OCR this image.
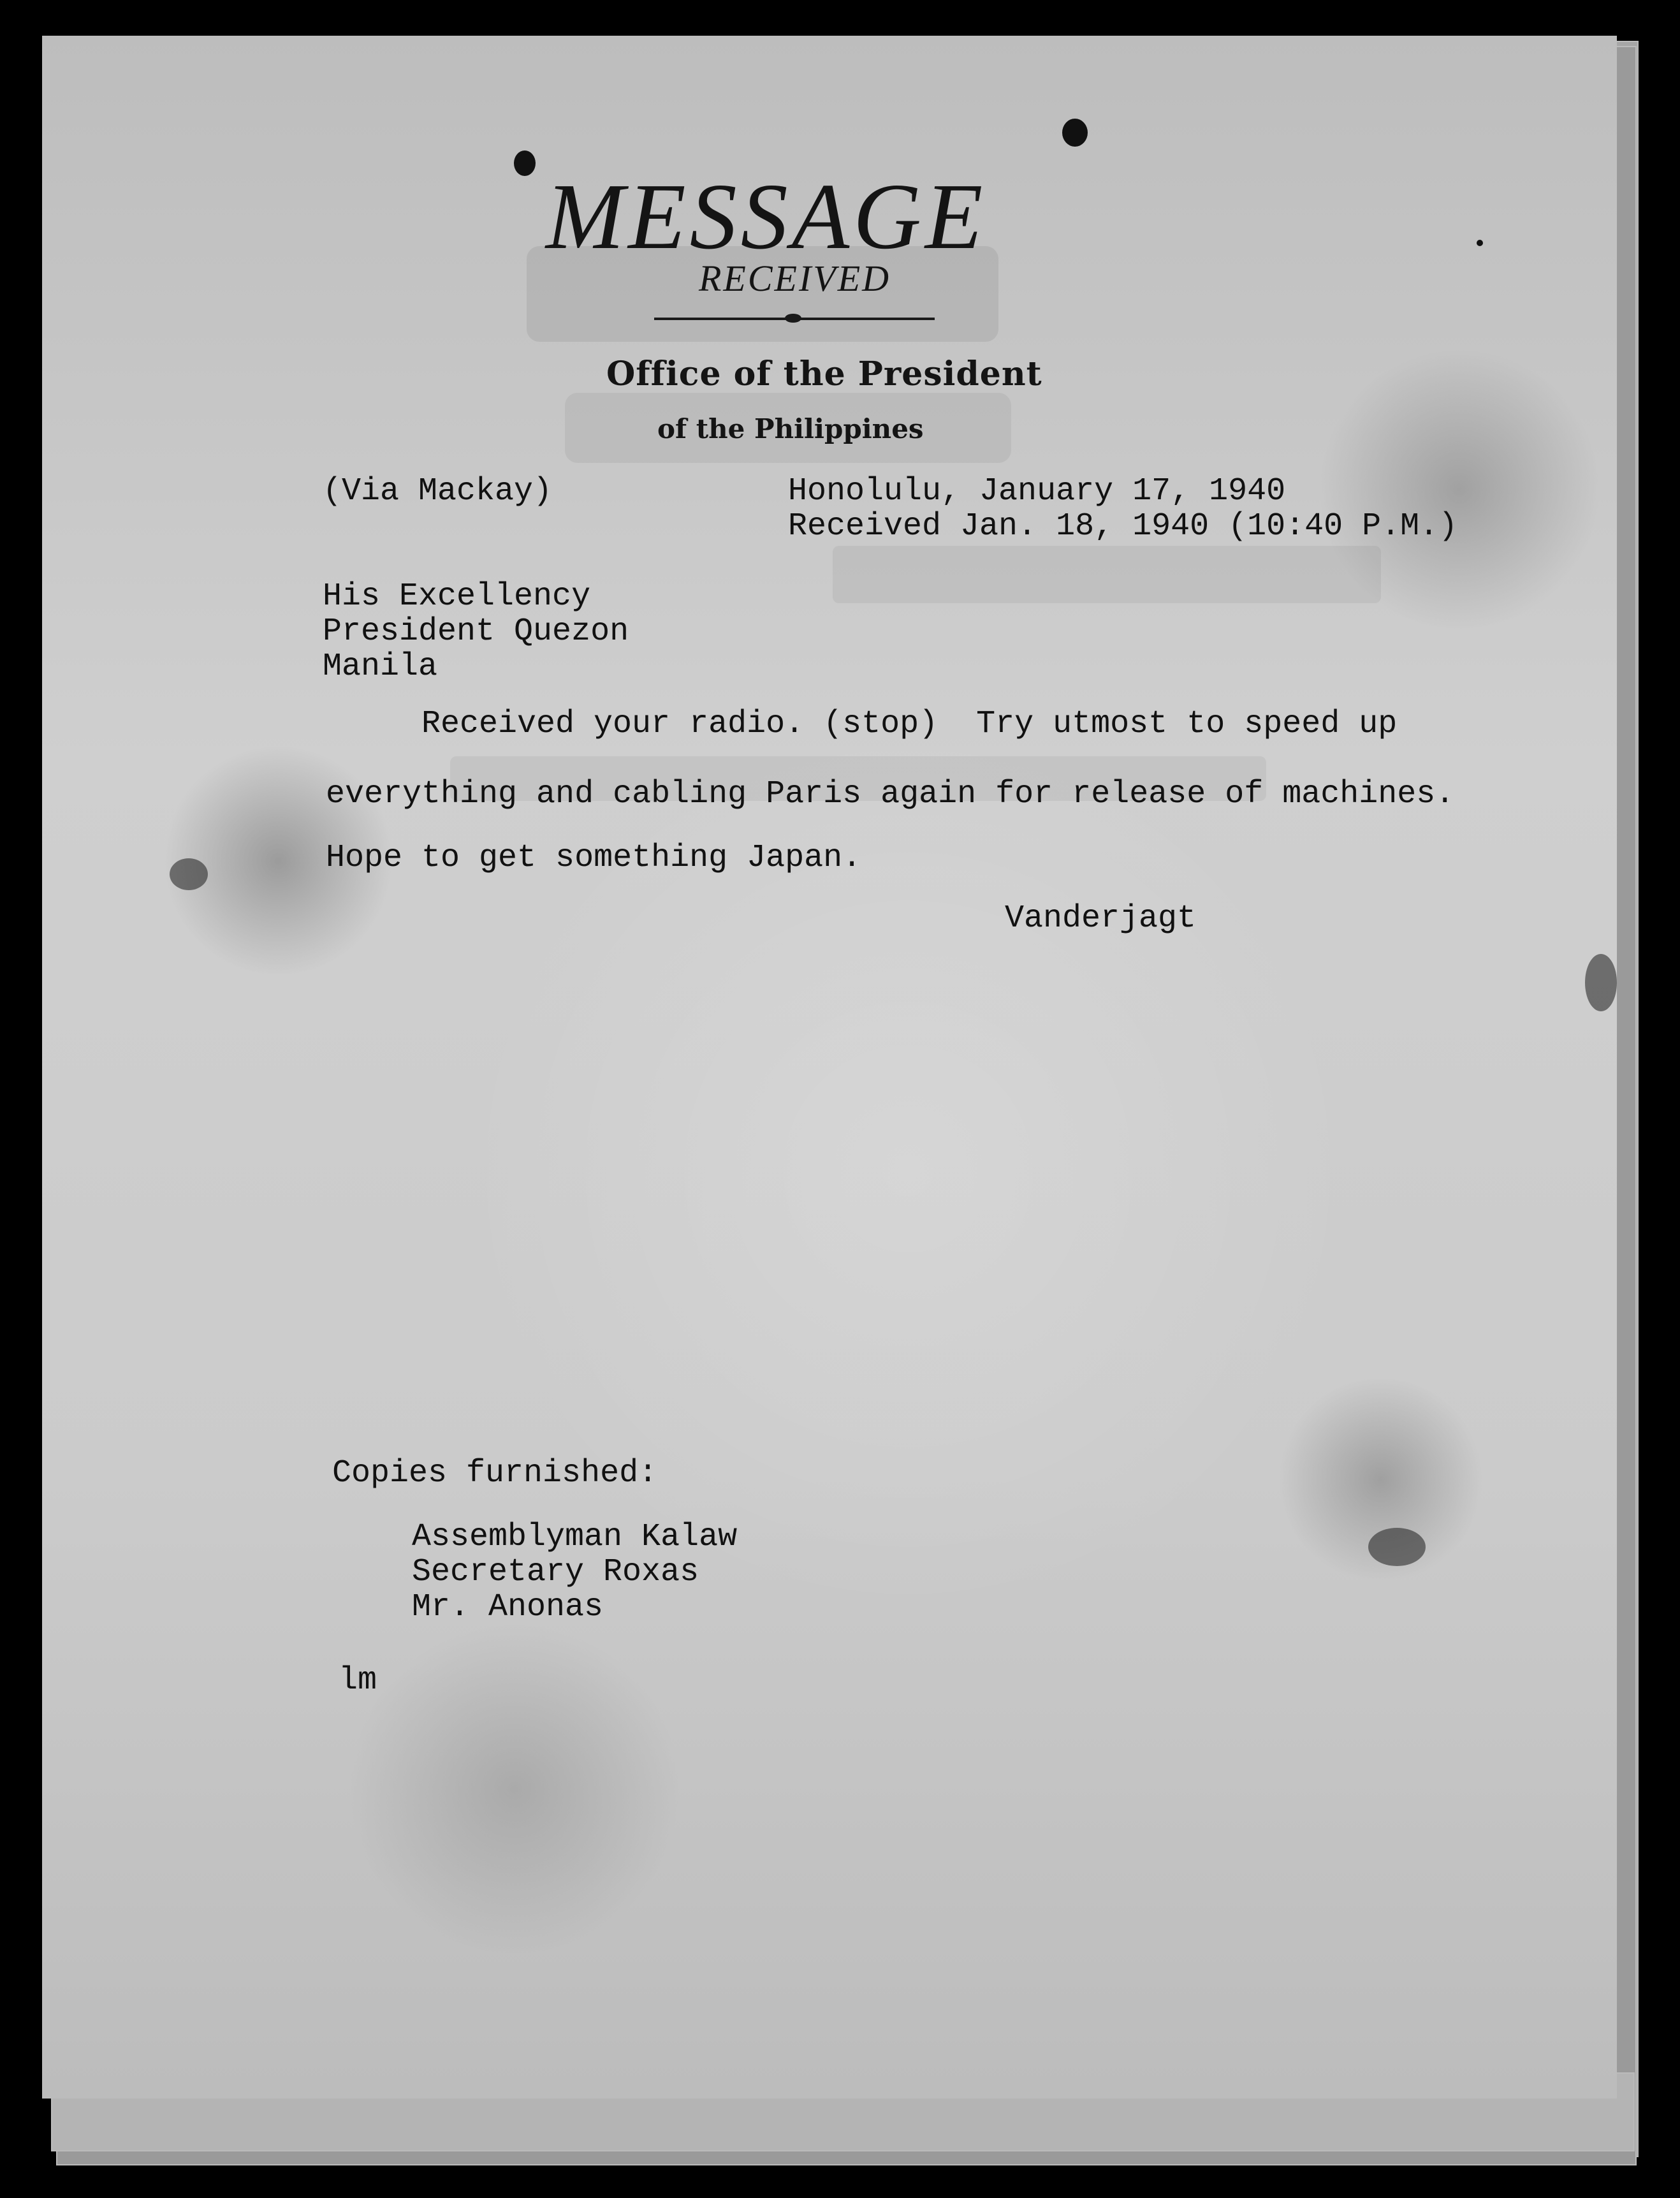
MESSAGE
RECEIVED
Office of the President
of the Philippines
(Via Mackay)	Honolulu, January 17, 1940
Received Jan. 18, 1940 (10:40 P.M.)
His Excellency
President Quezon
Manila
Received your radio. (stop)  Try utmost to speed up
everything and cabling Paris again for release of machines.
Hope to get something Japan.
Vanderjagt
Copies furnished:
Assemblyman Kalaw
Secretary Roxas
Mr. Anonas
lm
